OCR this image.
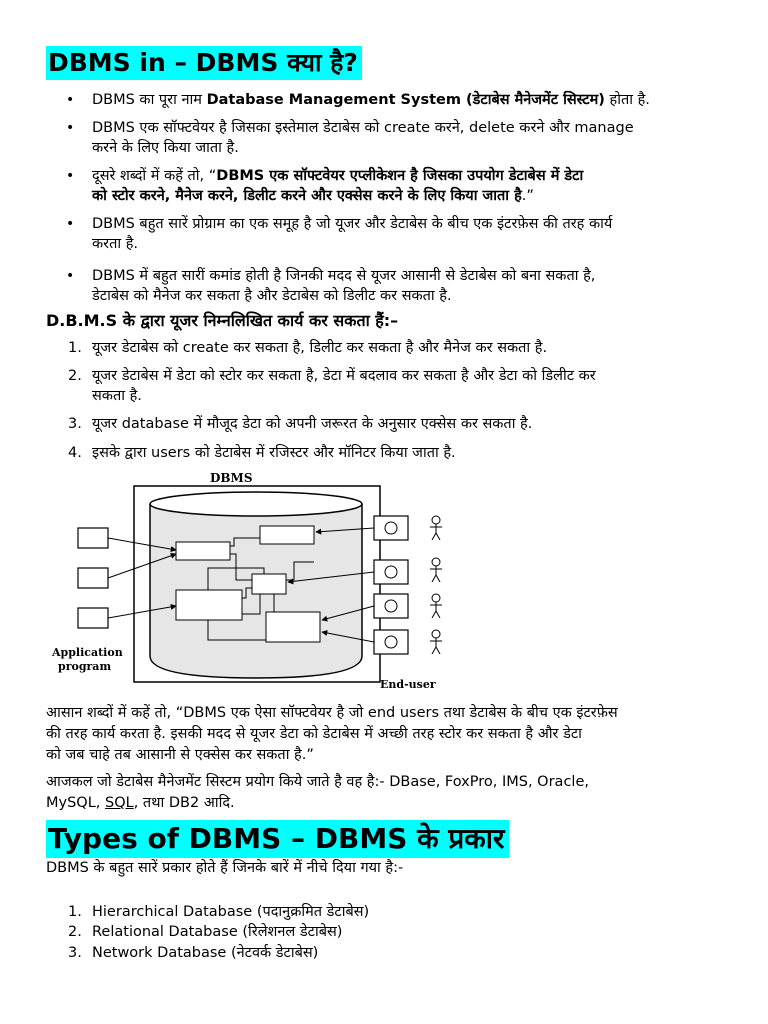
DBMS in – DBMS क्या है?
• DBMS का पूरा नाम Database Management System (डेटाबेस मैनेजमेंट सिस्टम) होता है.
• DBMS एक सॉफ्टवेयर है जिसका इस्तेमाल डेटाबेस को create करने, delete करने और manage
करने के लिए किया जाता है.
• दूसरे शब्दों में कहें तो, “DBMS एक सॉफ्टवेयर एप्लीकेशन है जिसका उपयोग डेटाबेस में डेटा
को स्टोर करने, मैनेज करने, डिलीट करने और एक्सेस करने के लिए किया जाता है.”
• DBMS बहुत सारें प्रोग्राम का एक समूह है जो यूजर और डेटाबेस के बीच एक इंटरफ़ेस की तरह कार्य
करता है.
• DBMS में बहुत सारीं कमांड होती है जिनकी मदद से यूजर आसानी से डेटाबेस को बना सकता है,
डेटाबेस को मैनेज कर सकता है और डेटाबेस को डिलीट कर सकता है.
D.B.M.S के द्वारा यूजर निम्नलिखित कार्य कर सकता हैं:–
1. यूजर डेटाबेस को create कर सकता है, डिलीट कर सकता है और मैनेज कर सकता है.
2. यूजर डेटाबेस में डेटा को स्टोर कर सकता है, डेटा में बदलाव कर सकता है और डेटा को डिलीट कर
सकता है.
3. यूजर database में मौजूद डेटा को अपनी जरूरत के अनुसार एक्सेस कर सकता है.
4. इसके द्वारा users को डेटाबेस में रजिस्टर और मॉनिटर किया जाता है.
DBMS
Application
program
End-user
आसान शब्दों में कहें तो, “DBMS एक ऐसा सॉफ्टवेयर है जो end users तथा डेटाबेस के बीच एक इंटरफ़ेस
की तरह कार्य करता है. इसकी मदद से यूजर डेटा को डेटाबेस में अच्छी तरह स्टोर कर सकता है और डेटा
को जब चाहे तब आसानी से एक्सेस कर सकता है.”
आजकल जो डेटाबेस मैनेजमेंट सिस्टम प्रयोग किये जाते है वह है:- DBase, FoxPro, IMS, Oracle,
MySQL, SQL, तथा DB2 आदि.
Types of DBMS – DBMS के प्रकार
DBMS के बहुत सारें प्रकार होते हैं जिनके बारें में नीचे दिया गया है:-
1. Hierarchical Database (पदानुक्रमित डेटाबेस)
2. Relational Database (रिलेशनल डेटाबेस)
3. Network Database (नेटवर्क डेटाबेस)
